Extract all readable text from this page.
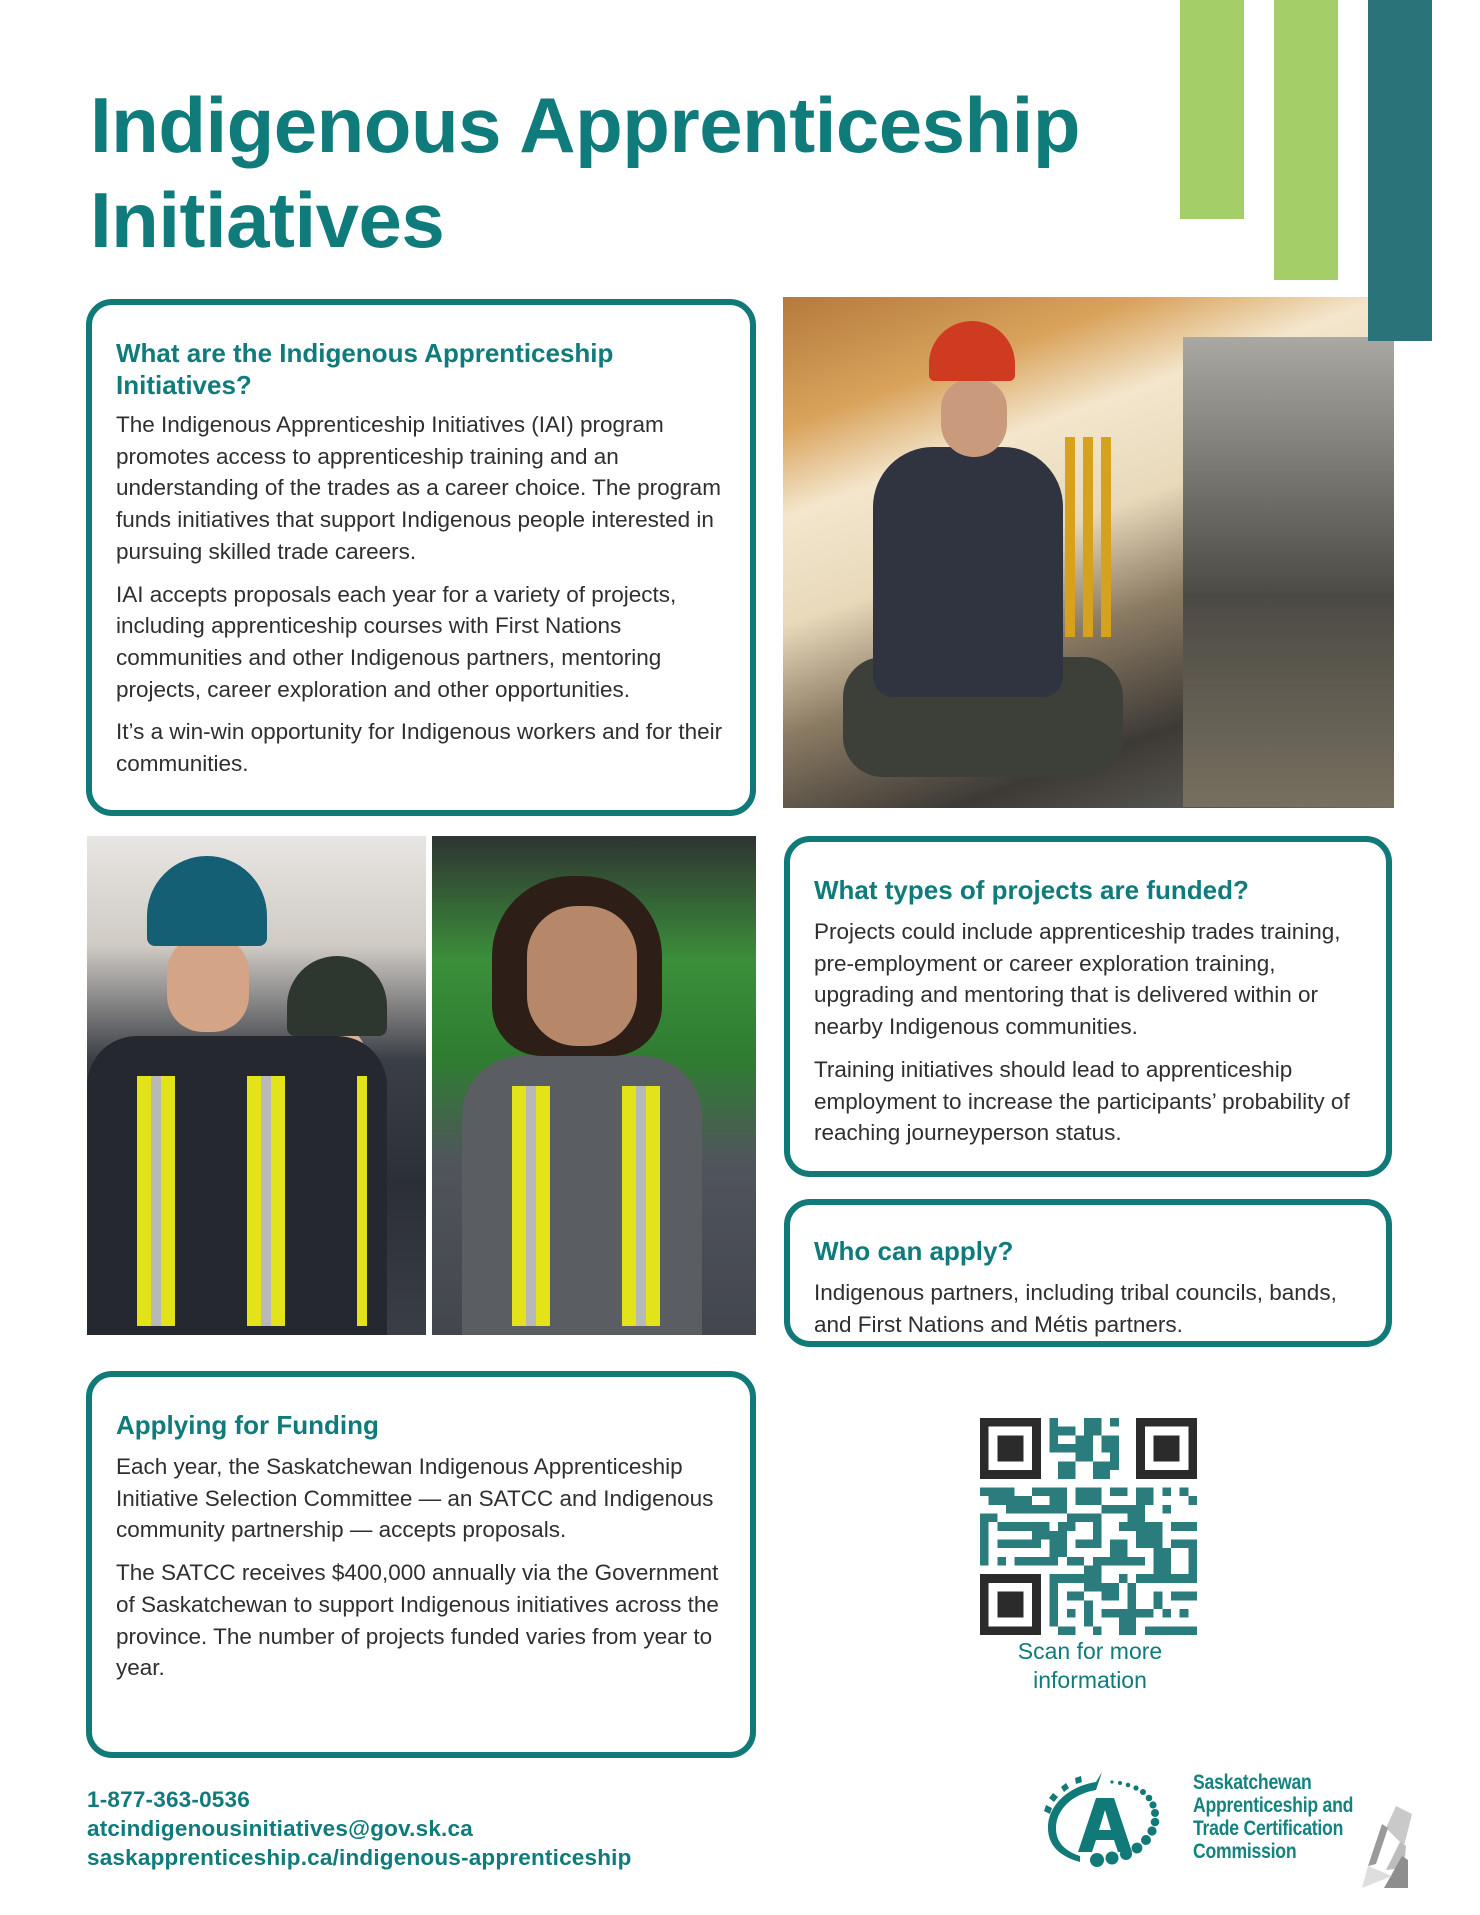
Indigenous Apprenticeship
Initiatives
What are the Indigenous Apprenticeship Initiatives?

The Indigenous Apprenticeship Initiatives (IAI) program promotes access to apprenticeship training and an understanding of the trades as a career choice. The program funds initiatives that support Indigenous people interested in pursuing skilled trade careers.

IAI accepts proposals each year for a variety of projects, including apprenticeship courses with First Nations communities and other Indigenous partners, mentoring projects, career exploration and other opportunities.

It’s a win-win opportunity for Indigenous workers and for their communities.

What types of projects are funded?

Projects could include apprenticeship trades training, pre-employment or career exploration training, upgrading and mentoring that is delivered within or nearby Indigenous communities.

Training initiatives should lead to apprenticeship employment to increase the participants’ probability of reaching journeyperson status.

Who can apply?

Indigenous partners, including tribal councils, bands, and First Nations and Métis partners.

Applying for Funding

Each year, the Saskatchewan Indigenous Apprenticeship Initiative Selection Committee — an SATCC and Indigenous community partnership — accepts proposals.

The SATCC receives $400,000 annually via the Government of Saskatchewan to support Indigenous initiatives across the province. The number of projects funded varies from year to year.

Scan for more
information
1-877-363-0536
atcindigenousinitiatives@gov.sk.ca
saskapprenticeship.ca/indigenous-apprenticeship
Saskatchewan
Apprenticeship and
Trade Certification
Commission
